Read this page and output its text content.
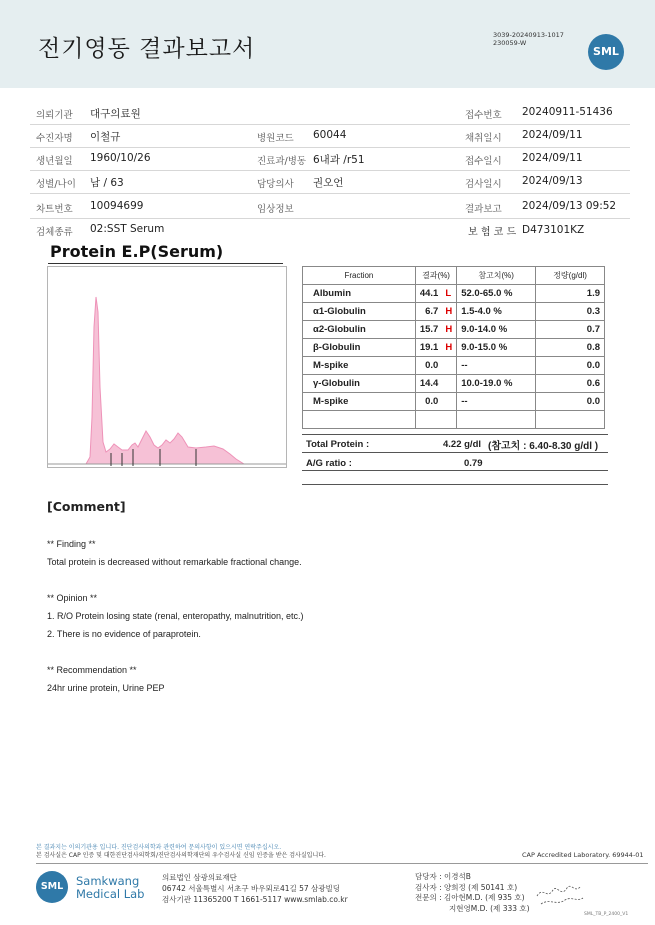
전기영동 결과보고서
3039-20240913-1017
230059-W
SML
의뢰기관 대구의료원	접수번호 20240911-51436
수진자명 이철규	병원코드 60044	채취일시 2024/09/11
생년월일 1960/10/26	진료과/병동 6내과 /r51	접수일시 2024/09/11
성별/나이 남 / 63	담당의사 권오언	검사일시 2024/09/13
차트번호 10094699	임상정보	결과보고 2024/09/13 09:52
검체종류 02:SST Serum	보 험 코 드 D473101KZ
Protein E.P(Serum)
Fraction	결과(%)		참고치(%)	정량(g/dl)
Albumin	44.1	L	52.0-65.0 %	1.9
α1-Globulin	6.7	H	1.5-4.0 %	0.3
α2-Globulin	15.7	H	9.0-14.0 %	0.7
β-Globulin	19.1	H	9.0-15.0 %	0.8
M-spike	0.0		--	0.0
γ-Globulin	14.4		10.0-19.0 %	0.6
M-spike	0.0		--	0.0

Total Protein :	4.22 g/dl (참고치 : 6.40-8.30 g/dl )
A/G ratio :	0.79
[Comment]
** Finding **
Total protein is decreased without remarkable fractional change.
** Opinion **
1. R/O Protein losing state (renal, enteropathy, malnutrition, etc.)
2. There is no evidence of paraprotein.
** Recommendation **
24hr urine protein, Urine PEP
본 결과지는 이의기관용 입니다. 진단검사의학과 관련하여 문의사항이 있으시면 연락주십시오.
본 검사실은 CAP 인증 및 대한진단검사의학회/진단검사의학재단의 우수검사실 신임 인증을 받은 검사실입니다.	CAP Accredited Laboratory. 69944-01
SML	Samkwang
Medical Lab
의료법인 삼광의료재단
06742 서울특별시 서초구 바우뫼로41길 57 삼광빌딩
검사기관 11365200 T 1661-5117 www.smlab.co.kr
담당자 : 이경석B
검사자 : 양희정 (제 50141 호)
전문의 : 김아현M.D. (제 935 호)
지현영M.D. (제 333 호)
SML_TB_P_2400_V1
